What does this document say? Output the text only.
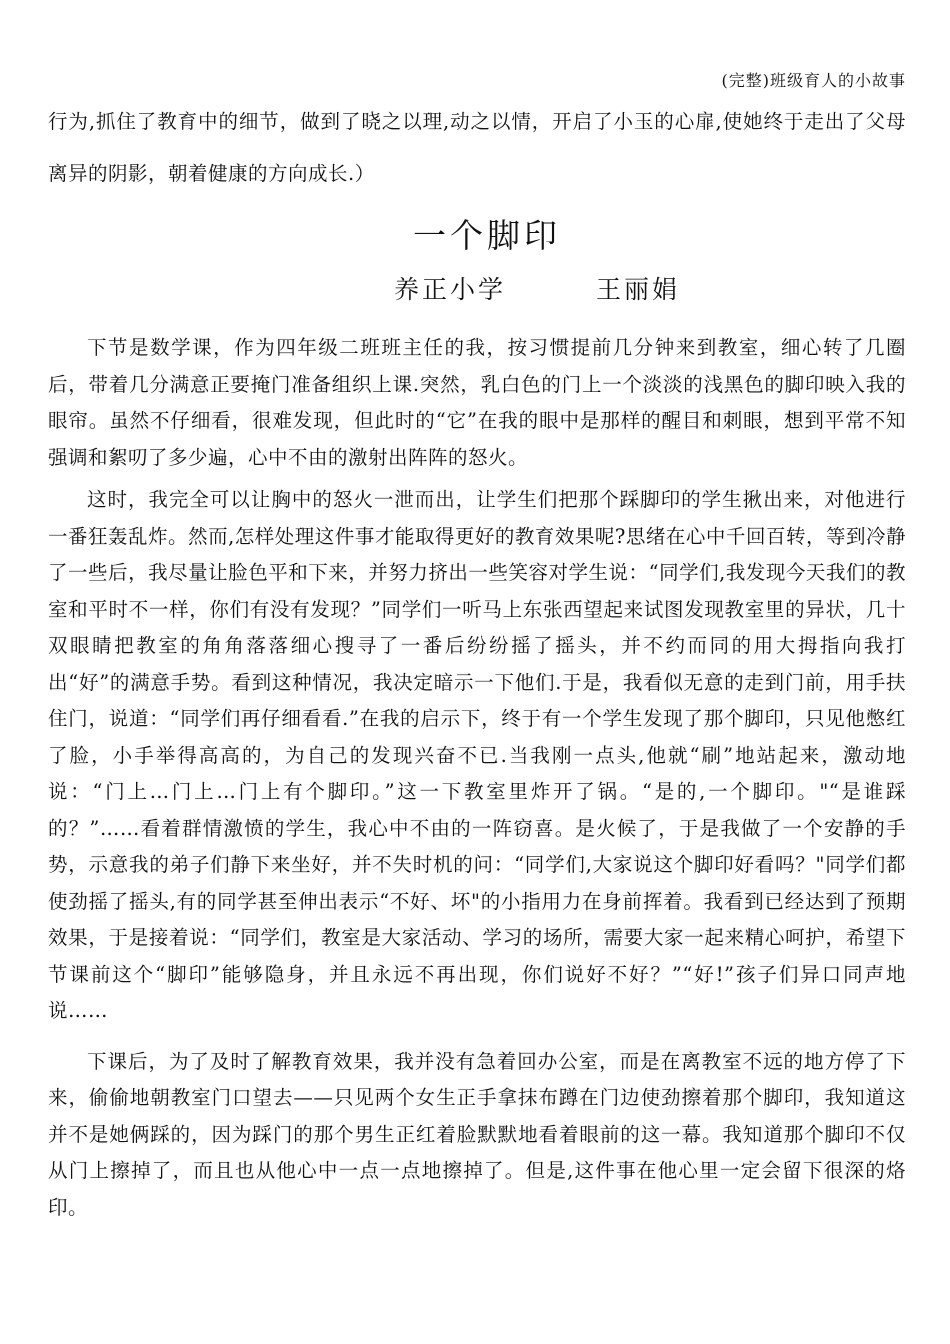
(完整)班级育人的小故事

行为,抓住了教育中的细节，做到了晓之以理,动之以情，开启了小玉的心扉,使她终于走出了父母离异的阴影，朝着健康的方向成长.）

一个脚印
养正小学	王丽娟

下节是数学课，作为四年级二班班主任的我，按习惯提前几分钟来到教室，细心转了几圈后，带着几分满意正要掩门准备组织上课.突然，乳白色的门上一个淡淡的浅黑色的脚印映入我的眼帘。虽然不仔细看，很难发现，但此时的“它”在我的眼中是那样的醒目和刺眼，想到平常不知强调和絮叨了多少遍，心中不由的激射出阵阵的怒火。

这时，我完全可以让胸中的怒火一泄而出，让学生们把那个踩脚印的学生揪出来，对他进行一番狂轰乱炸。然而,怎样处理这件事才能取得更好的教育效果呢?思绪在心中千回百转，等到冷静了一些后，我尽量让脸色平和下来，并努力挤出一些笑容对学生说：“同学们,我发现今天我们的教室和平时不一样，你们有没有发现？”同学们一听马上东张西望起来试图发现教室里的异状，几十双眼睛把教室的角角落落细心搜寻了一番后纷纷摇了摇头，并不约而同的用大拇指向我打出“好”的满意手势。看到这种情况，我决定暗示一下他们.于是，我看似无意的走到门前，用手扶住门，说道：“同学们再仔细看看.”在我的启示下，终于有一个学生发现了那个脚印，只见他憋红了脸，小手举得高高的，为自己的发现兴奋不已.当我刚一点头,他就“刷”地站起来，激动地说：“门上…门上…门上有个脚印。”这一下教室里炸开了锅。“是的,一个脚印。"“是谁踩的？”……看着群情激愤的学生，我心中不由的一阵窃喜。是火候了，于是我做了一个安静的手势，示意我的弟子们静下来坐好，并不失时机的问：“同学们,大家说这个脚印好看吗？"同学们都使劲摇了摇头,有的同学甚至伸出表示“不好、坏"的小指用力在身前挥着。我看到已经达到了预期效果，于是接着说：“同学们，教室是大家活动、学习的场所，需要大家一起来精心呵护，希望下节课前这个“脚印”能够隐身，并且永远不再出现，你们说好不好？”“好!”孩子们异口同声地说……

下课后，为了及时了解教育效果，我并没有急着回办公室，而是在离教室不远的地方停了下来，偷偷地朝教室门口望去——只见两个女生正手拿抹布蹲在门边使劲擦着那个脚印，我知道这并不是她俩踩的，因为踩门的那个男生正红着脸默默地看着眼前的这一幕。我知道那个脚印不仅从门上擦掉了，而且也从他心中一点一点地擦掉了。但是,这件事在他心里一定会留下很深的烙印。
